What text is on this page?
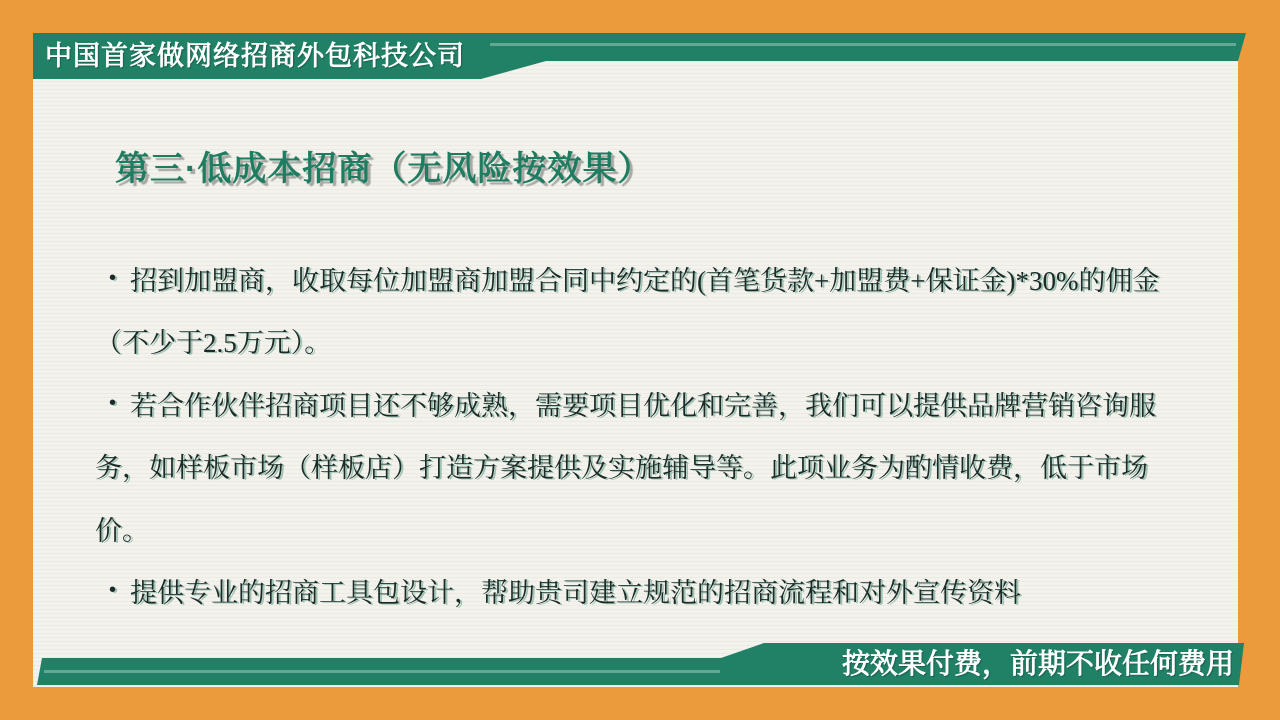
中国首家做网络招商外包科技公司
第三·低成本招商（无风险按效果）
• 招到加盟商，收取每位加盟商加盟合同中约定的(首笔货款+加盟费+保证金)*30%的佣金
（不少于2.5万元）。
• 若合作伙伴招商项目还不够成熟，需要项目优化和完善，我们可以提供品牌营销咨询服
务，如样板市场（样板店）打造方案提供及实施辅导等。此项业务为酌情收费，低于市场
价。
• 提供专业的招商工具包设计，帮助贵司建立规范的招商流程和对外宣传资料
按效果付费，前期不收任何费用
